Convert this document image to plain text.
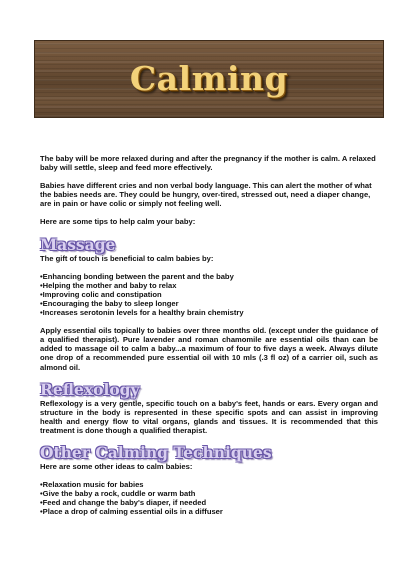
Calming

The baby will be more relaxed during and after the pregnancy if the mother is calm. A relaxed baby will settle, sleep and feed more effectively.

Babies have different cries and non verbal body language. This can alert the mother of what the babies needs are. They could be hungry, over-tired, stressed out, need a diaper change, are in pain or have colic or simply not feeling well.

Here are some tips to help calm your baby:

Massage

The gift of touch is beneficial to calm babies by:

• Enhancing bonding between the parent and the baby
• Helping the mother and baby to relax
• Improving colic and constipation
• Encouraging the baby to sleep longer
• Increases serotonin levels for a healthy brain chemistry

Apply essential oils topically to babies over three months old. (except under the guidance of a qualified therapist). Pure lavender and roman chamomile are essential oils than can be added to massage oil to calm a baby...a maximum of four to five days a week. Always dilute one drop of a recommended pure essential oil with 10 mls (.3 fl oz) of a carrier oil, such as almond oil.

Reflexology

Reflexology is a very gentle, specific touch on a baby's feet, hands or ears. Every organ and structure in the body is represented in these specific spots and can assist in improving health and energy flow to vital organs, glands and tissues. It is recommended that this treatment is done though a qualified therapist.

Other Calming Techniques

Here are some other ideas to calm babies:

• Relaxation music for babies
• Give the baby a rock, cuddle or warm bath
• Feed and change the baby's diaper, if needed
• Place a drop of calming essential oils in a diffuser
